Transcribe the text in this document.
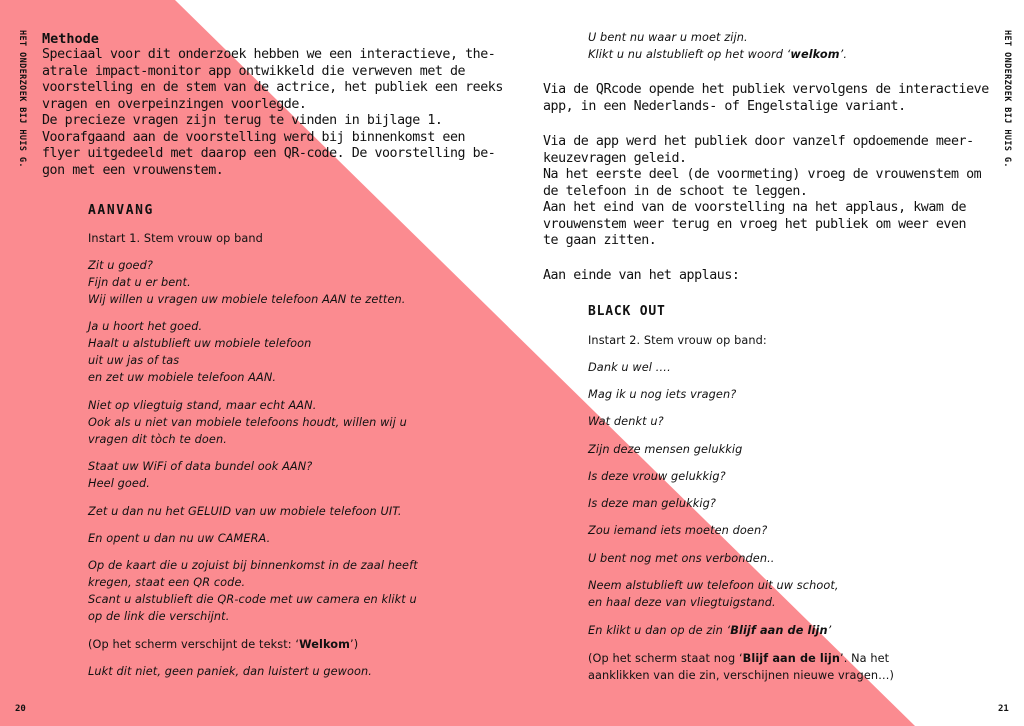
HET ONDERZOEK BIJ HUIS G.	HET ONDERZOEK BIJ HUIS G.
20	21
Methode
Speciaal voor dit onderzoek hebben we een interactieve, the-
atrale impact-monitor app ontwikkeld die verweven met de
voorstelling en de stem van de actrice, het publiek een reeks
vragen en overpeinzingen voorlegde.
De precieze vragen zijn terug te vinden in bijlage 1.
Voorafgaand aan de voorstelling werd bij binnenkomst een
flyer uitgedeeld met daarop een QR-code. De voorstelling be-
gon met een vrouwenstem.
AANVANG
Instart 1. Stem vrouw op band
Zit u goed?
Fijn dat u er bent.
Wij willen u vragen uw mobiele telefoon AAN te zetten.
Ja u hoort het goed.
Haalt u alstublieft uw mobiele telefoon
uit uw jas of tas
en zet uw mobiele telefoon AAN.
Niet op vliegtuig stand, maar echt AAN.
Ook als u niet van mobiele telefoons houdt, willen wij u
vragen dit tòch te doen.
Staat uw WiFi of data bundel ook AAN?
Heel goed.
Zet u dan nu het GELUID van uw mobiele telefoon UIT.
En opent u dan nu uw CAMERA.
Op de kaart die u zojuist bij binnenkomst in de zaal heeft
kregen, staat een QR code.
Scant u alstublieft die QR-code met uw camera en klikt u
op de link die verschijnt.
(Op het scherm verschijnt de tekst: ‘Welkom’)
Lukt dit niet, geen paniek, dan luistert u gewoon.
U bent nu waar u moet zijn.
Klikt u nu alstublieft op het woord ‘welkom’.
Via de QRcode opende het publiek vervolgens de interactieve
app, in een Nederlands- of Engelstalige variant.
Via de app werd het publiek door vanzelf opdoemende meer-
keuzevragen geleid.
Na het eerste deel (de voormeting) vroeg de vrouwenstem om
de telefoon in de schoot te leggen.
Aan het eind van de voorstelling na het applaus, kwam de
vrouwenstem weer terug en vroeg het publiek om weer even
te gaan zitten.
Aan einde van het applaus:
BLACK OUT
Instart 2. Stem vrouw op band:
Dank u wel ….
Mag ik u nog iets vragen?
Wat denkt u?
Zijn deze mensen gelukkig
Is deze vrouw gelukkig?
Is deze man gelukkig?
Zou iemand iets moeten doen?
U bent nog met ons verbonden..
Neem alstublieft uw telefoon uit uw schoot,
en haal deze van vliegtuigstand.
En klikt u dan op de zin ‘Blijf aan de lijn’
(Op het scherm staat nog ‘Blijf aan de lijn’. Na het
aanklikken van die zin, verschijnen nieuwe vragen…)
